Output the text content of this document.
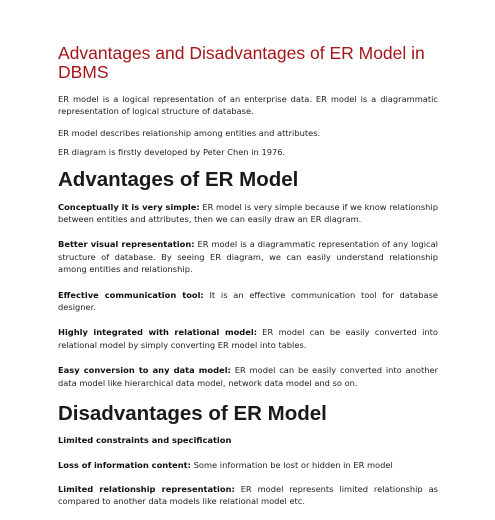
Advantages and Disadvantages of ER Model in DBMS

ER model is a logical representation of an enterprise data. ER model is a diagrammatic representation of logical structure of database.

ER model describes relationship among entities and attributes.

ER diagram is firstly developed by Peter Chen in 1976.

Advantages of ER Model

Conceptually it is very simple: ER model is very simple because if we know relationship between entities and attributes, then we can easily draw an ER diagram.

Better visual representation: ER model is a diagrammatic representation of any logical structure of database. By seeing ER diagram, we can easily understand relationship among entities and relationship.

Effective communication tool: It is an effective communication tool for database designer.

Highly integrated with relational model: ER model can be easily converted into relational model by simply converting ER model into tables.

Easy conversion to any data model: ER model can be easily converted into another data model like hierarchical data model, network data model and so on.

Disadvantages of ER Model

Limited constraints and specification

Loss of information content: Some information be lost or hidden in ER model

Limited relationship representation: ER model represents limited relationship as compared to another data models like relational model etc.
